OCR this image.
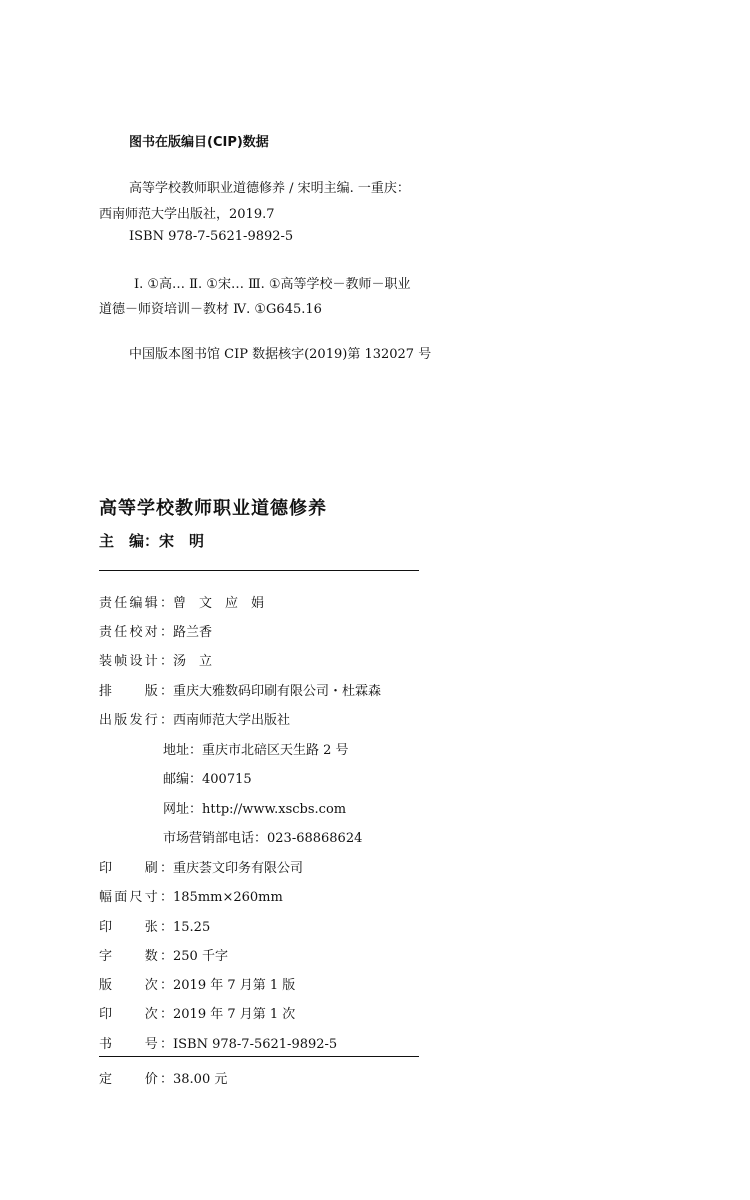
图书在版编目(CIP)数据
高等学校教师职业道德修养 / 宋明主编. 一重庆：
西南师范大学出版社，2019.7
ISBN 978-7-5621-9892-5
Ⅰ. ①高… Ⅱ. ①宋… Ⅲ. ①高等学校－教师－职业
道德－师资培训－教材 Ⅳ. ①G645.16
中国版本图书馆 CIP 数据核字(2019)第 132027 号
高等学校教师职业道德修养
主　编：宋　明
责任编辑：曾　文　应　娟
责任校对：路兰香
装帧设计：汤　立
排　　版：重庆大雅数码印刷有限公司・杜霖森
出版发行：西南师范大学出版社
地址：重庆市北碚区天生路 2 号
邮编：400715
网址：http://www.xscbs.com
市场营销部电话：023-68868624
印　　刷：重庆荟文印务有限公司
幅面尺寸：185mm×260mm
印　　张：15.25
字　　数：250 千字
版　　次：2019 年 7 月第 1 版
印　　次：2019 年 7 月第 1 次
书　　号：ISBN 978-7-5621-9892-5
定　　价：38.00 元
